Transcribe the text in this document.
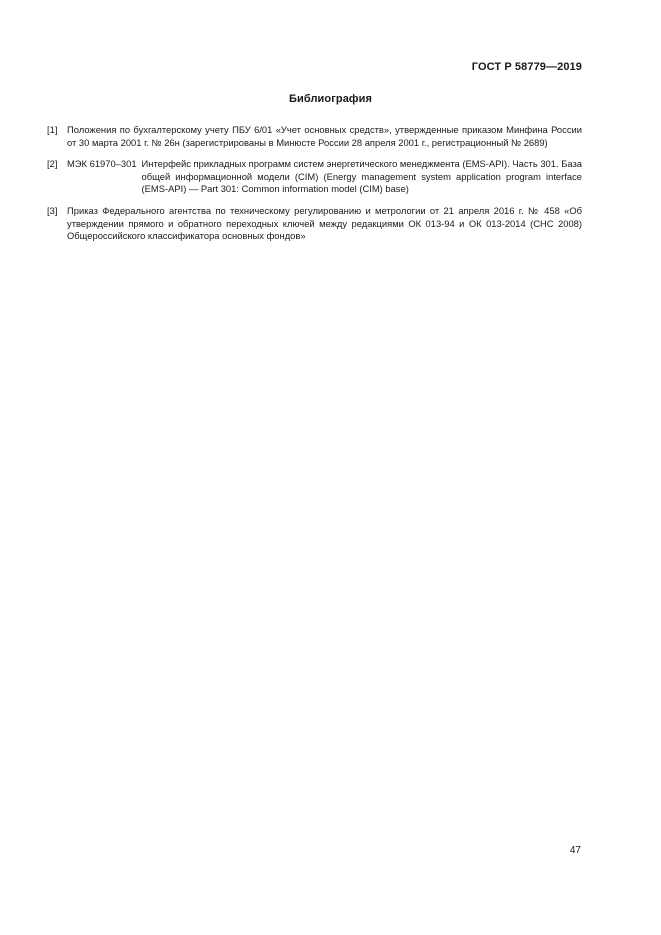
ГОСТ Р 58779—2019
Библиография
[1] Положения по бухгалтерскому учету ПБУ 6/01 «Учет основных средств», утвержденные приказом Минфина России от 30 марта 2001 г. № 26н (зарегистрированы в Минюсте России 28 апреля 2001 г., регистрационный № 2689)
[2] МЭК 61970–301 Интерфейс прикладных программ систем энергетического менеджмента (EMS-API). Часть 301. База общей информационной модели (CIM) (Energy management system application program interface (EMS-API) — Part 301: Common information model (CIM) base)
[3] Приказ Федерального агентства по техническому регулированию и метрологии от 21 апреля 2016 г. № 458 «Об утверждении прямого и обратного переходных ключей между редакциями ОК 013-94 и ОК 013-2014 (СНС 2008) Общероссийского классификатора основных фондов»
47
